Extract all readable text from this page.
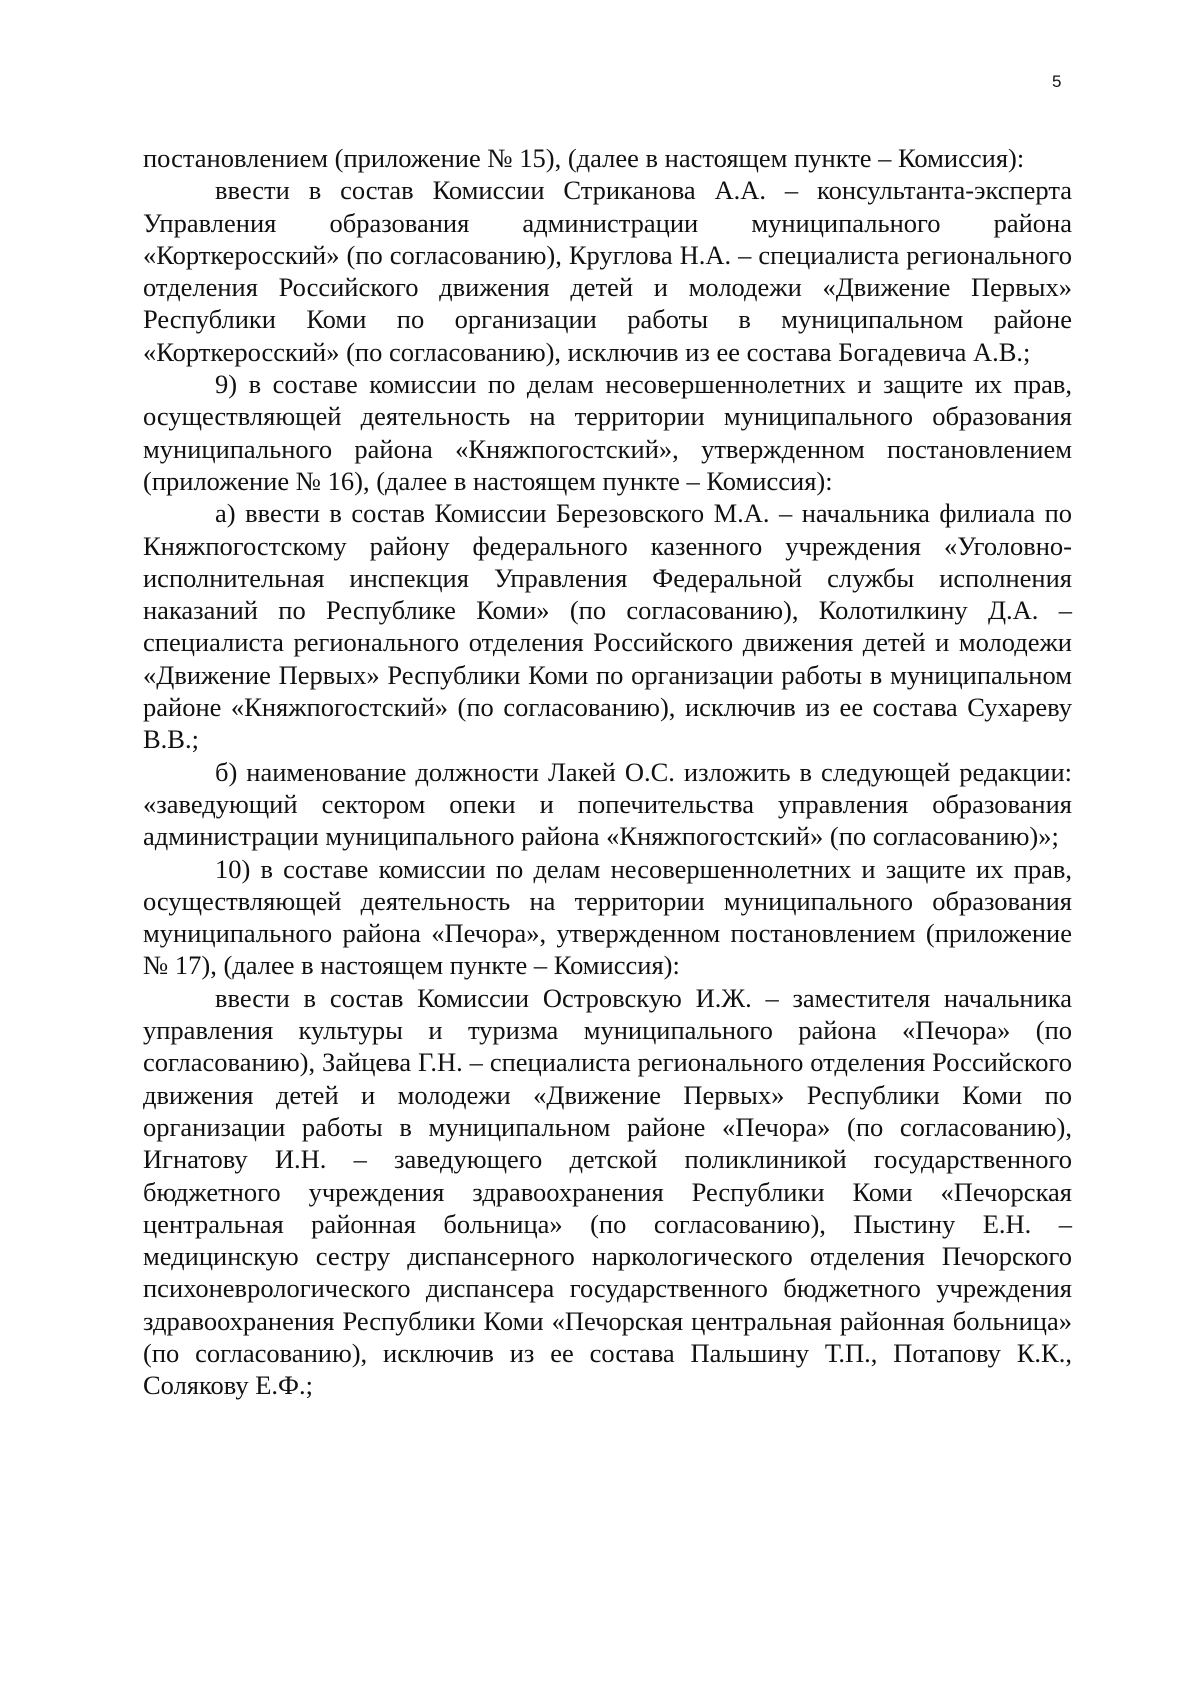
5

постановлением (приложение № 15), (далее в настоящем пункте – Комиссия):

ввести в состав Комиссии Стриканова А.А. – консультанта-эксперта Управления образования администрации муниципального района «Корткеросский» (по согласованию), Круглова Н.А. – специалиста регионального отделения Российского движения детей и молодежи «Движение Первых» Республики Коми по организации работы в муниципальном районе «Корткеросский» (по согласованию), исключив из ее состава Богадевича А.В.;

9) в составе комиссии по делам несовершеннолетних и защите их прав, осуществляющей деятельность на территории муниципального образования муниципального района «Княжпогостский», утвержденном постановлением (приложение № 16), (далее в настоящем пункте – Комиссия):

а) ввести в состав Комиссии Березовского М.А. – начальника филиала по Княжпогостскому району федерального казенного учреждения «Уголовно-исполнительная инспекция Управления Федеральной службы исполнения наказаний по Республике Коми» (по согласованию), Колотилкину Д.А. – специалиста регионального отделения Российского движения детей и молодежи «Движение Первых» Республики Коми по организации работы в муниципальном районе «Княжпогостский» (по согласованию), исключив из ее состава Сухареву В.В.;

б) наименование должности Лакей О.С. изложить в следующей редакции: «заведующий сектором опеки и попечительства управления образования администрации муниципального района «Княжпогостский» (по согласованию)»;

10) в составе комиссии по делам несовершеннолетних и защите их прав, осуществляющей деятельность на территории муниципального образования муниципального района «Печора», утвержденном постановлением (приложение № 17), (далее в настоящем пункте – Комиссия):

ввести в состав Комиссии Островскую И.Ж. – заместителя начальника управления культуры и туризма муниципального района «Печора» (по согласованию), Зайцева Г.Н. – специалиста регионального отделения Российского движения детей и молодежи «Движение Первых» Республики Коми по организации работы в муниципальном районе «Печора» (по согласованию), Игнатову И.Н. – заведующего детской поликлиникой государственного бюджетного учреждения здравоохранения Республики Коми «Печорская центральная районная больница» (по согласованию), Пыстину Е.Н. – медицинскую сестру диспансерного наркологического отделения Печорского психоневрологического диспансера государственного бюджетного учреждения здравоохранения Республики Коми «Печорская центральная районная больница» (по согласованию), исключив из ее состава Пальшину Т.П., Потапову К.К., Солякову Е.Ф.;
